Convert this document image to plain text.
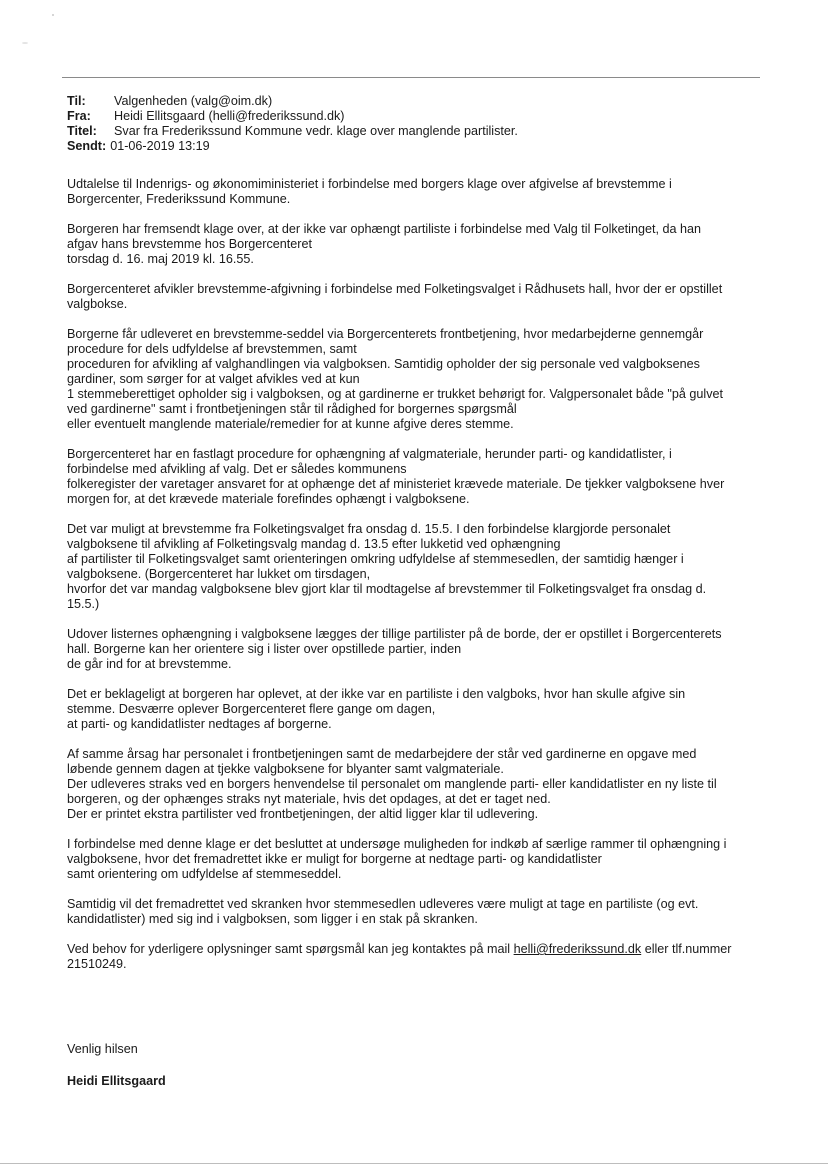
Til:	Valgenheden (valg@oim.dk)
Fra:	Heidi Ellitsgaard (helli@frederikssund.dk)
Titel:	Svar fra Frederikssund Kommune vedr. klage over manglende partilister.
Sendt: 01-06-2019 13:19
Udtalelse til Indenrigs- og økonomiministeriet i forbindelse med borgers klage over afgivelse af brevstemme i
Borgercenter, Frederikssund Kommune.
Borgeren har fremsendt klage over, at der ikke var ophængt partiliste i forbindelse med Valg til Folketinget, da han
afgav hans brevstemme hos Borgercenteret
torsdag d. 16. maj 2019 kl. 16.55.
Borgercenteret afvikler brevstemme-afgivning i forbindelse med Folketingsvalget i Rådhusets hall, hvor der er opstillet
valgbokse.
Borgerne får udleveret en brevstemme-seddel via Borgercenterets frontbetjening, hvor medarbejderne gennemgår
procedure for dels udfyldelse af brevstemmen, samt
proceduren for afvikling af valghandlingen via valgboksen. Samtidig opholder der sig personale ved valgboksenes
gardiner, som sørger for at valget afvikles ved at kun
1 stemmeberettiget opholder sig i valgboksen, og at gardinerne er trukket behørigt for. Valgpersonalet både "på gulvet
ved gardinerne" samt i frontbetjeningen står til rådighed for borgernes spørgsmål
eller eventuelt manglende materiale/remedier for at kunne afgive deres stemme.
Borgercenteret har en fastlagt procedure for ophængning af valgmateriale, herunder parti- og kandidatlister, i
forbindelse med afvikling af valg. Det er således kommunens
folkeregister der varetager ansvaret for at ophænge det af ministeriet krævede materiale. De tjekker valgboksene hver
morgen for, at det krævede materiale forefindes ophængt i valgboksene.
Det var muligt at brevstemme fra Folketingsvalget fra onsdag d. 15.5. I den forbindelse klargjorde personalet
valgboksene til afvikling af Folketingsvalg mandag d. 13.5 efter lukketid ved ophængning
af partilister til Folketingsvalget samt orienteringen omkring udfyldelse af stemmesedlen, der samtidig hænger i
valgboksene. (Borgercenteret har lukket om tirsdagen,
hvorfor det var mandag valgboksene blev gjort klar til modtagelse af brevstemmer til Folketingsvalget fra onsdag d.
15.5.)
Udover listernes ophængning i valgboksene lægges der tillige partilister på de borde, der er opstillet i Borgercenterets
hall. Borgerne kan her orientere sig i lister over opstillede partier, inden
de går ind for at brevstemme.
Det er beklageligt at borgeren har oplevet, at der ikke var en partiliste i den valgboks, hvor han skulle afgive sin
stemme. Desværre oplever Borgercenteret flere gange om dagen,
at parti- og kandidatlister nedtages af borgerne.
Af samme årsag har personalet i frontbetjeningen samt de medarbejdere der står ved gardinerne en opgave med
løbende gennem dagen at tjekke valgboksene for blyanter samt valgmateriale.
Der udleveres straks ved en borgers henvendelse til personalet om manglende parti- eller kandidatlister en ny liste til
borgeren, og der ophænges straks nyt materiale, hvis det opdages, at det er taget ned.
Der er printet ekstra partilister ved frontbetjeningen, der altid ligger klar til udlevering.
I forbindelse med denne klage er det besluttet at undersøge muligheden for indkøb af særlige rammer til ophængning i
valgboksene, hvor det fremadrettet ikke er muligt for borgerne at nedtage parti- og kandidatlister
samt orientering om udfyldelse af stemmeseddel.
Samtidig vil det fremadrettet ved skranken hvor stemmesedlen udleveres være muligt at tage en partiliste (og evt.
kandidatlister) med sig ind i valgboksen, som ligger i en stak på skranken.
Ved behov for yderligere oplysninger samt spørgsmål kan jeg kontaktes på mail helli@frederikssund.dk eller tlf.nummer
21510249.
Venlig hilsen
Heidi Ellitsgaard
